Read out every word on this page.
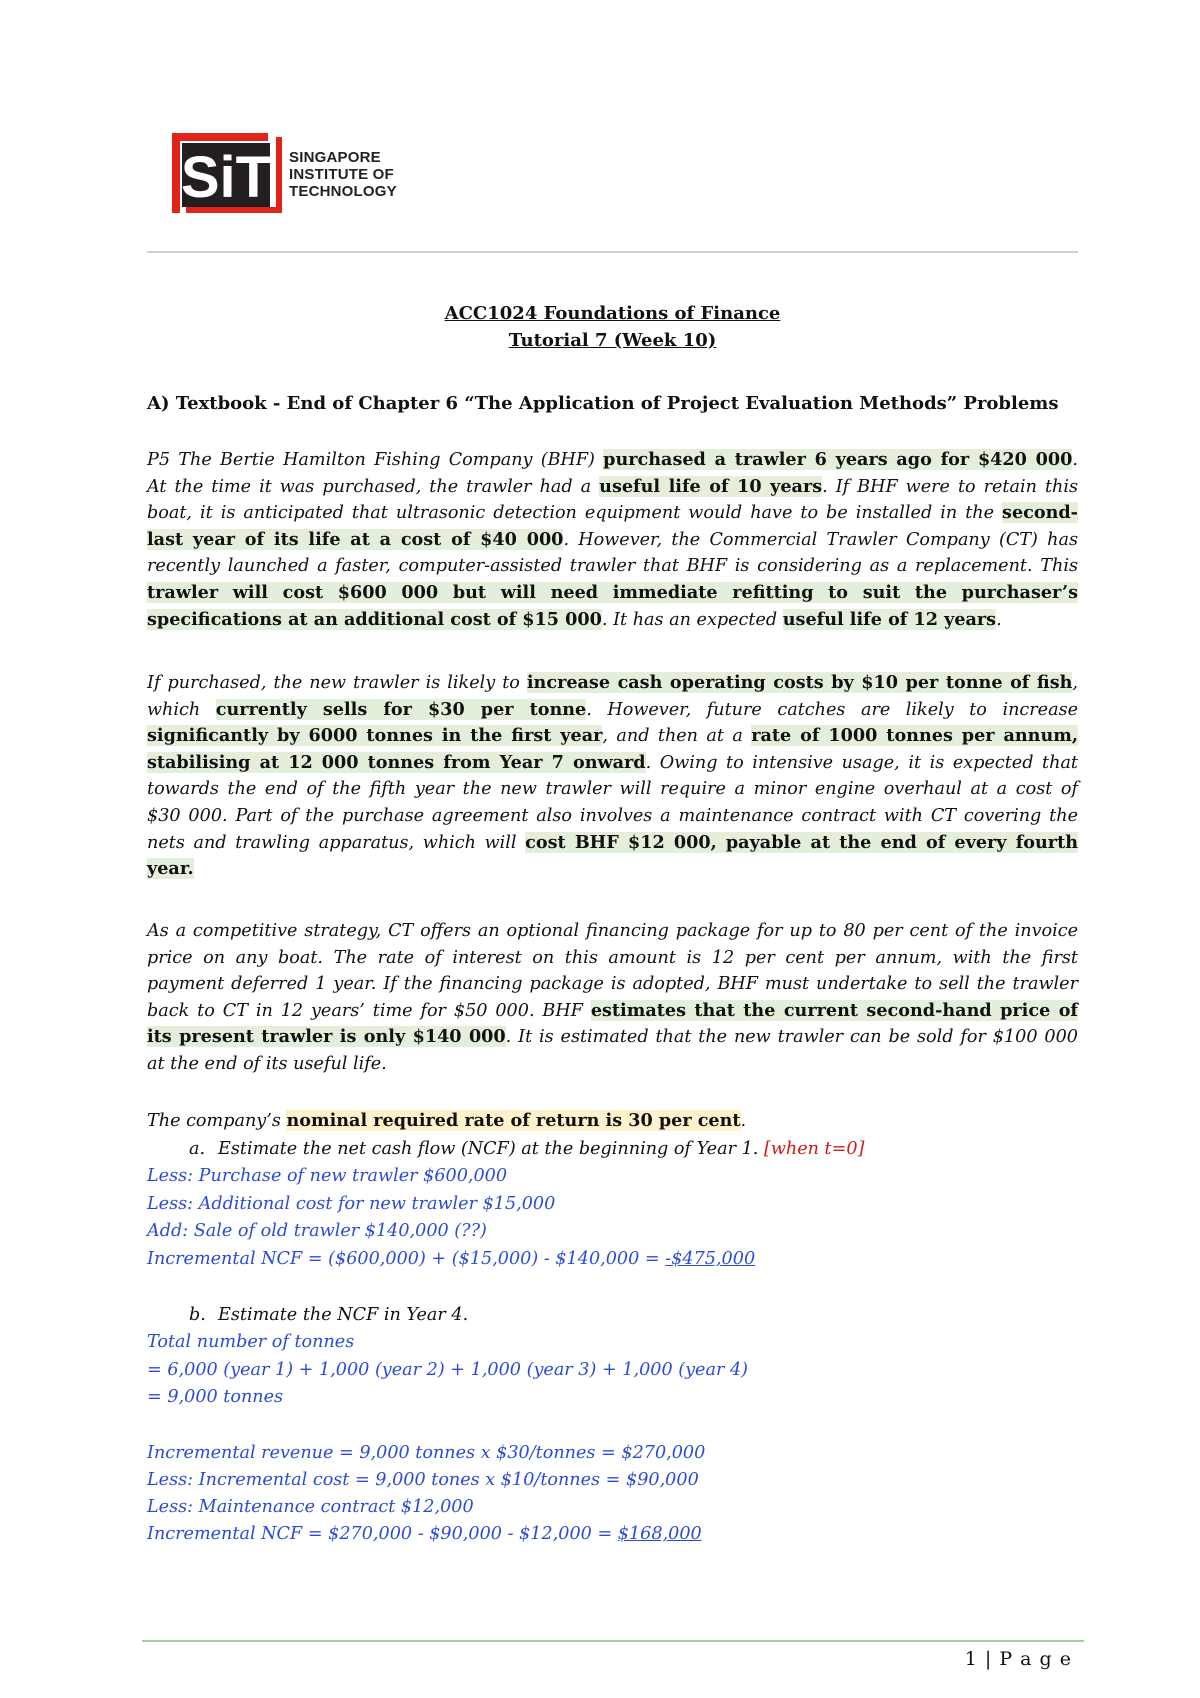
SiT SINGAPORE
INSTITUTE OF
TECHNOLOGY
ACC1024 Foundations of Finance
Tutorial 7 (Week 10)
A) Textbook - End of Chapter 6 “The Application of Project Evaluation Methods” Problems
P5 The Bertie Hamilton Fishing Company (BHF) purchased a trawler 6 years ago for $420 000.
At the time it was purchased, the trawler had a useful life of 10 years. If BHF were to retain this
boat, it is anticipated that ultrasonic detection equipment would have to be installed in the second-
last year of its life at a cost of $40 000. However, the Commercial Trawler Company (CT) has
recently launched a faster, computer-assisted trawler that BHF is considering as a replacement. This
trawler will cost $600 000 but will need immediate refitting to suit the purchaser’s
specifications at an additional cost of $15 000. It has an expected useful life of 12 years.
If purchased, the new trawler is likely to increase cash operating costs by $10 per tonne of fish,
which currently sells for $30 per tonne. However, future catches are likely to increase
significantly by 6000 tonnes in the first year, and then at a rate of 1000 tonnes per annum,
stabilising at 12 000 tonnes from Year 7 onward. Owing to intensive usage, it is expected that
towards the end of the fifth year the new trawler will require a minor engine overhaul at a cost of
$30 000. Part of the purchase agreement also involves a maintenance contract with CT covering the
nets and trawling apparatus, which will cost BHF $12 000, payable at the end of every fourth
year.
As a competitive strategy, CT offers an optional financing package for up to 80 per cent of the invoice
price on any boat. The rate of interest on this amount is 12 per cent per annum, with the first
payment deferred 1 year. If the financing package is adopted, BHF must undertake to sell the trawler
back to CT in 12 years’ time for $50 000. BHF estimates that the current second-hand price of
its present trawler is only $140 000. It is estimated that the new trawler can be sold for $100 000
at the end of its useful life.
The company’s nominal required rate of return is 30 per cent.
a. Estimate the net cash flow (NCF) at the beginning of Year 1. [when t=0]
Less: Purchase of new trawler $600,000
Less: Additional cost for new trawler $15,000
Add: Sale of old trawler $140,000 (??)
Incremental NCF = ($600,000) + ($15,000) - $140,000 = -$475,000
b. Estimate the NCF in Year 4.
Total number of tonnes
= 6,000 (year 1) + 1,000 (year 2) + 1,000 (year 3) + 1,000 (year 4)
= 9,000 tonnes
Incremental revenue = 9,000 tonnes x $30/tonnes = $270,000
Less: Incremental cost = 9,000 tones x $10/tonnes = $90,000
Less: Maintenance contract $12,000
Incremental NCF = $270,000 - $90,000 - $12,000 = $168,000
1 | P a g e
